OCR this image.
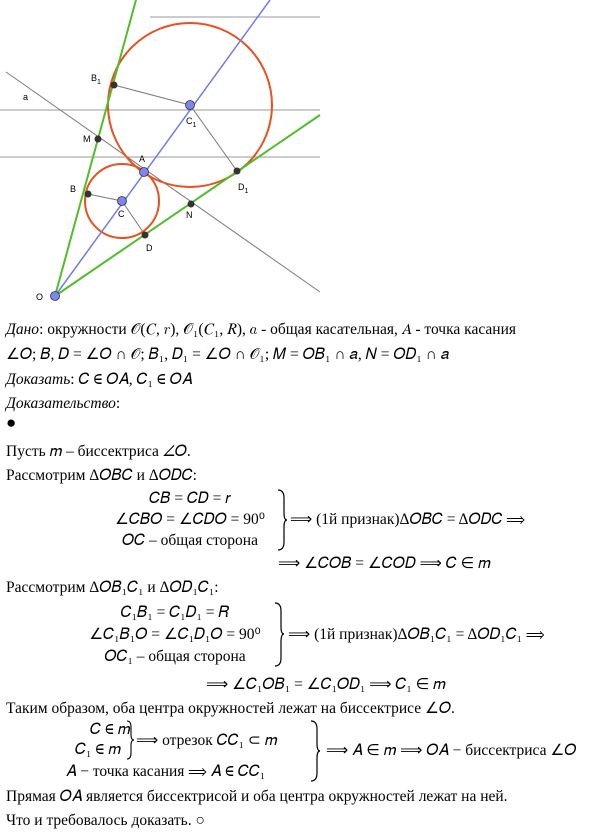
a
$B_1$
M
A
$C_1$
$D_1$
B
C	N
D
O
Дано: окружности 𝒪(𝐶, 𝑟), 𝒪₁(𝐶₁, 𝑅), 𝑎 - общая касательная, 𝐴 - точка касания
∠𝑂; 𝐵, 𝐷 = ∠𝑂 ∩ 𝒪; 𝐵₁, 𝐷₁ = ∠𝑂 ∩ 𝒪₁; 𝑀 = 𝑂𝐵₁ ∩ 𝑎, 𝑁 = 𝑂𝐷₁ ∩ 𝑎
Доказать: 𝐶 ∈ 𝑂𝐴, 𝐶₁ ∈ 𝑂𝐴
Доказательство:
●
Пусть 𝑚 – биссектриса ∠𝑂.
Рассмотрим Δ𝑂𝐵𝐶 и Δ𝑂𝐷𝐶:
𝐶𝐵 = 𝐶𝐷 = 𝑟
∠𝐶𝐵𝑂 = ∠𝐶𝐷𝑂 = 90⁰
𝑂𝐶 – общая сторона
⟹ (1й признак)Δ𝑂𝐵𝐶 = Δ𝑂𝐷𝐶 ⟹
⟹ ∠𝐶𝑂𝐵 = ∠𝐶𝑂𝐷 ⟹ 𝐶 ∈ 𝑚
Рассмотрим Δ𝑂𝐵₁𝐶₁ и Δ𝑂𝐷₁𝐶₁:
𝐶₁𝐵₁ = 𝐶₁𝐷₁ = 𝑅
∠𝐶₁𝐵₁𝑂 = ∠𝐶₁𝐷₁𝑂 = 90⁰
𝑂𝐶₁ – общая сторона
⟹ (1й признак)Δ𝑂𝐵₁𝐶₁ = Δ𝑂𝐷₁𝐶₁ ⟹
⟹ ∠𝐶₁𝑂𝐵₁ = ∠𝐶₁𝑂𝐷₁ ⟹ 𝐶₁ ∈ 𝑚
Таким образом, оба центра окружностей лежат на биссектрисе ∠𝑂.
𝐶 ∈ 𝑚
𝐶₁ ∈ 𝑚
⟹ отрезок 𝐶𝐶₁ ⊂ 𝑚
𝐴 − точка касания ⟹ 𝐴 ∈ 𝐶𝐶₁
⟹ 𝐴 ∈ 𝑚 ⟹ 𝑂𝐴 − биссектриса ∠𝑂
Прямая 𝑂𝐴 является биссектрисой и оба центра окружностей лежат на ней.
Что и требовалось доказать. ○
